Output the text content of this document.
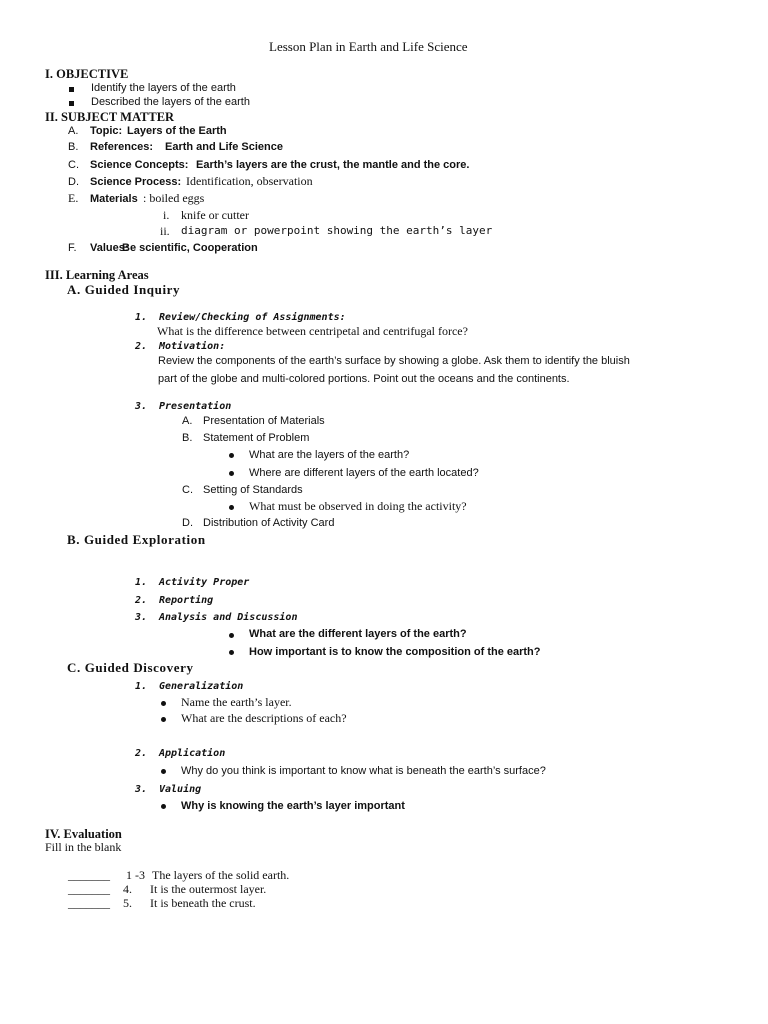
Lesson Plan in Earth and Life Science
I. OBJECTIVE
Identify the layers of the earth
Described the layers of the earth
II. SUBJECT MATTER
A. Topic: Layers of the Earth
B. References: Earth and Life Science
C. Science Concepts: Earth’s layers are the crust, the mantle and the core.
D. Science Process: Identification, observation
E. Materials : boiled eggs
i. knife or cutter
ii. diagram or powerpoint showing the earth’s layer
F. Values:
Be scientific, Cooperation
III. Learning Areas
A. Guided Inquiry
1. Review/Checking of Assignments:
What is the difference between centripetal and centrifugal force?
2. Motivation:
Review the components of the earth’s surface by showing a globe. Ask them to identify the bluish
part of the globe and multi-colored portions. Point out the oceans and the continents.
3. Presentation
A. Presentation of Materials
B. Statement of Problem
What are the layers of the earth?
Where are different layers of the earth located?
C. Setting of Standards
What must be observed in doing the activity?
D. Distribution of Activity Card
B. Guided Exploration
1. Activity Proper
2. Reporting
3. Analysis and Discussion
What are the different layers of the earth?
How important is to know the composition of the earth?
C. Guided Discovery
1. Generalization
Name the earth’s layer.
What are the descriptions of each?
2. Application
Why do you think is important to know what is beneath the earth’s surface?
3. Valuing
Why is knowing the earth’s layer important
IV. Evaluation
Fill in the blank
_______ 1 -3 The layers of the solid earth.
_______ 4. It is the outermost layer.
_______ 5. It is beneath the crust.
